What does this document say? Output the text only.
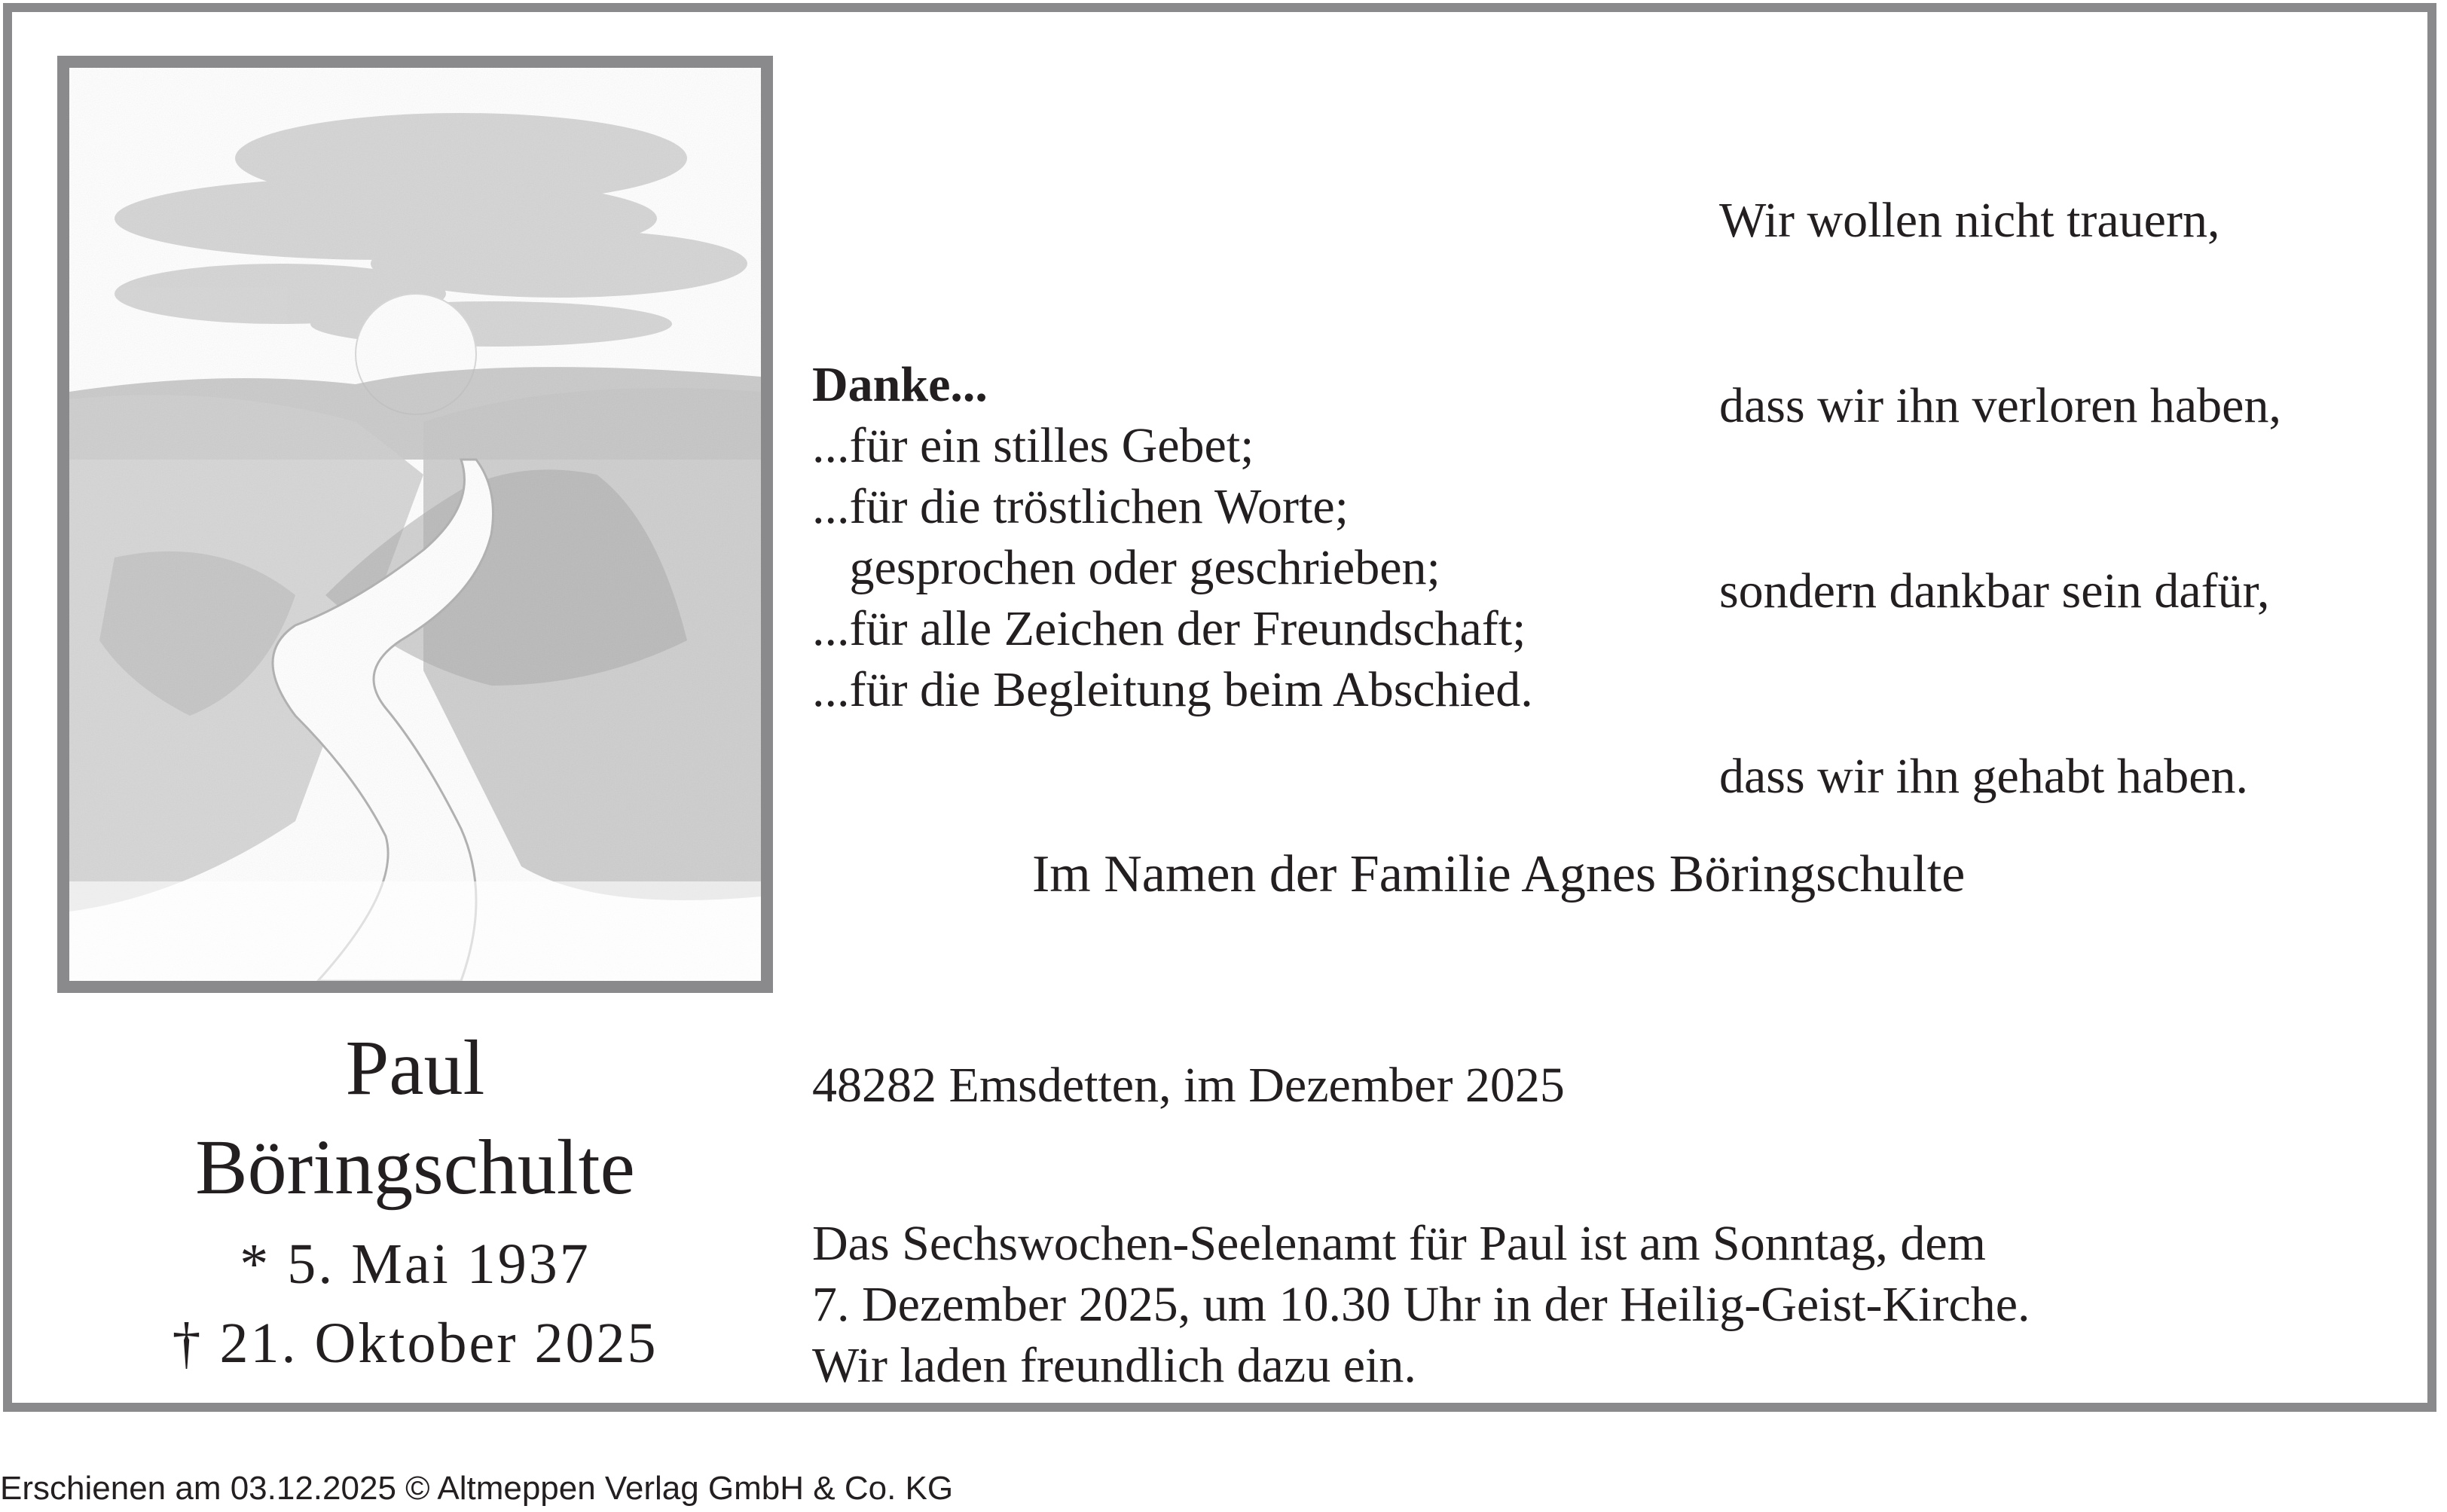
Paul
Böringschulte
* 5. Mai 1937
† 21. Oktober 2025

Wir wollen nicht trauern,

dass wir ihn verloren haben,

sondern dankbar sein dafür,

dass wir ihn gehabt haben.

Danke...
...für ein stilles Gebet;
...für die tröstlichen Worte;
gesprochen oder geschrieben;
...für alle Zeichen der Freundschaft;
...für die Begleitung beim Abschied.
Im Namen der Familie Agnes Böringschulte
48282 Emsdetten, im Dezember 2025
Das Sechswochen-Seelenamt für Paul ist am Sonntag, dem
7. Dezember 2025, um 10.30 Uhr in der Heilig-Geist-Kirche.
Wir laden freundlich dazu ein.
Erschienen am 03.12.2025 © Altmeppen Verlag GmbH & Co. KG
